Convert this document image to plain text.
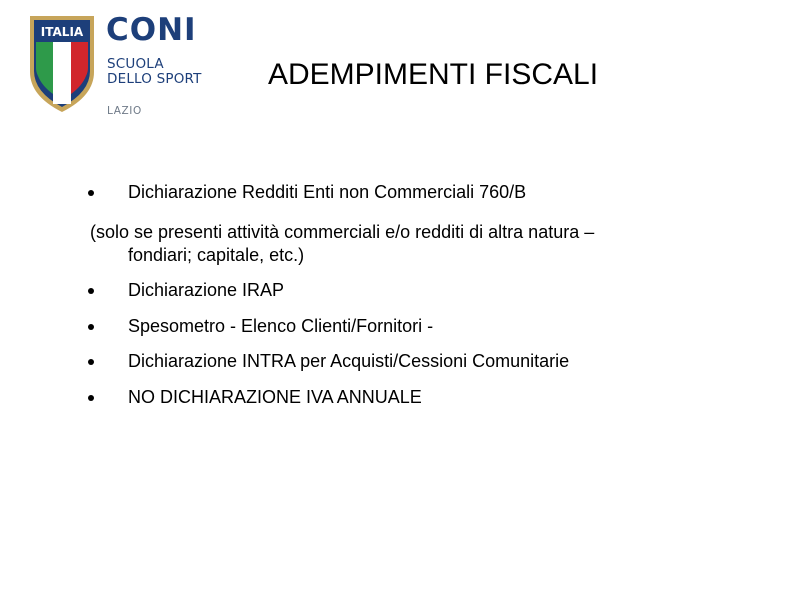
ITALIA CONI
SCUOLA
DELLO SPORT
LAZIO
ADEMPIMENTI FISCALI
Dichiarazione Redditi Enti non Commerciali 760/B
(solo se presenti attività commerciali e/o redditi di altra natura –
fondiari; capitale, etc.)
Dichiarazione IRAP
Spesometro - Elenco Clienti/Fornitori -
Dichiarazione INTRA per Acquisti/Cessioni Comunitarie
NO DICHIARAZIONE IVA ANNUALE
